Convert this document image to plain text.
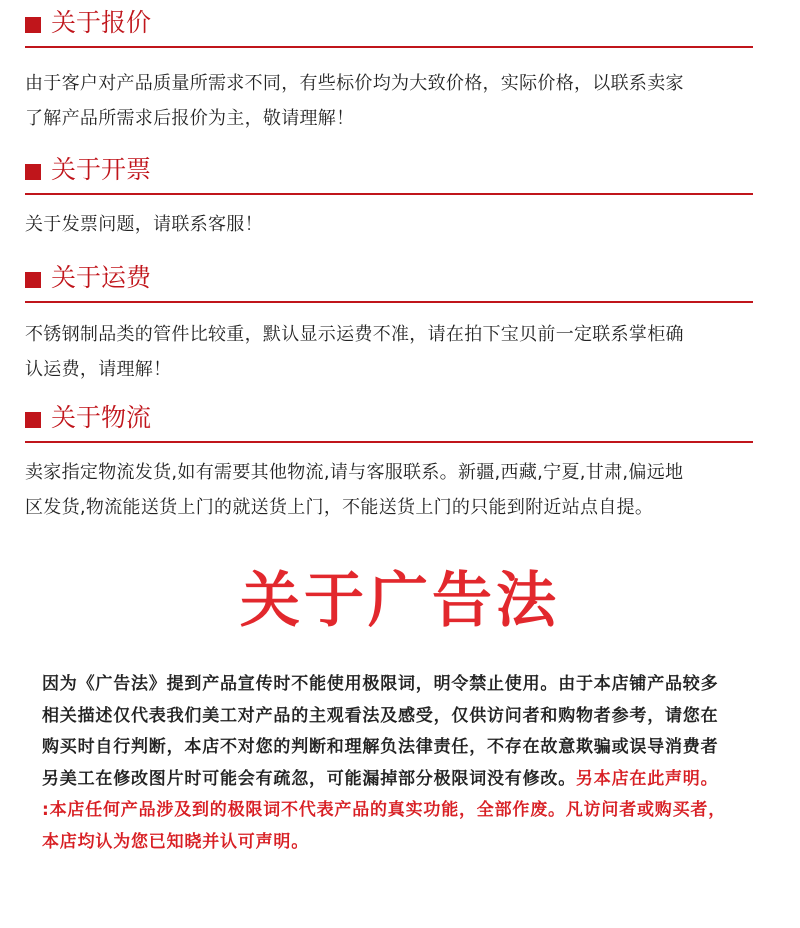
关于报价
由于客户对产品质量所需求不同，有些标价均为大致价格，实际价格，以联系卖家
了解产品所需求后报价为主，敬请理解！
关于开票
关于发票问题，请联系客服！
关于运费
不锈钢制品类的管件比较重，默认显示运费不准，请在拍下宝贝前一定联系掌柜确
认运费，请理解！
关于物流
卖家指定物流发货,如有需要其他物流,请与客服联系。新疆,西藏,宁夏,甘肃,偏远地
区发货,物流能送货上门的就送货上门，不能送货上门的只能到附近站点自提。
关于广告法
因为《广告法》提到产品宣传时不能使用极限词，明令禁止使用。由于本店铺产品较多
相关描述仅代表我们美工对产品的主观看法及感受，仅供访问者和购物者参考，请您在
购买时自行判断，本店不对您的判断和理解负法律责任，不存在故意欺骗或误导消费者
另美工在修改图片时可能会有疏忽，可能漏掉部分极限词没有修改。另本店在此声明。
:本店任何产品涉及到的极限词不代表产品的真实功能，全部作废。凡访问者或购买者，
本店均认为您已知晓并认可声明。
